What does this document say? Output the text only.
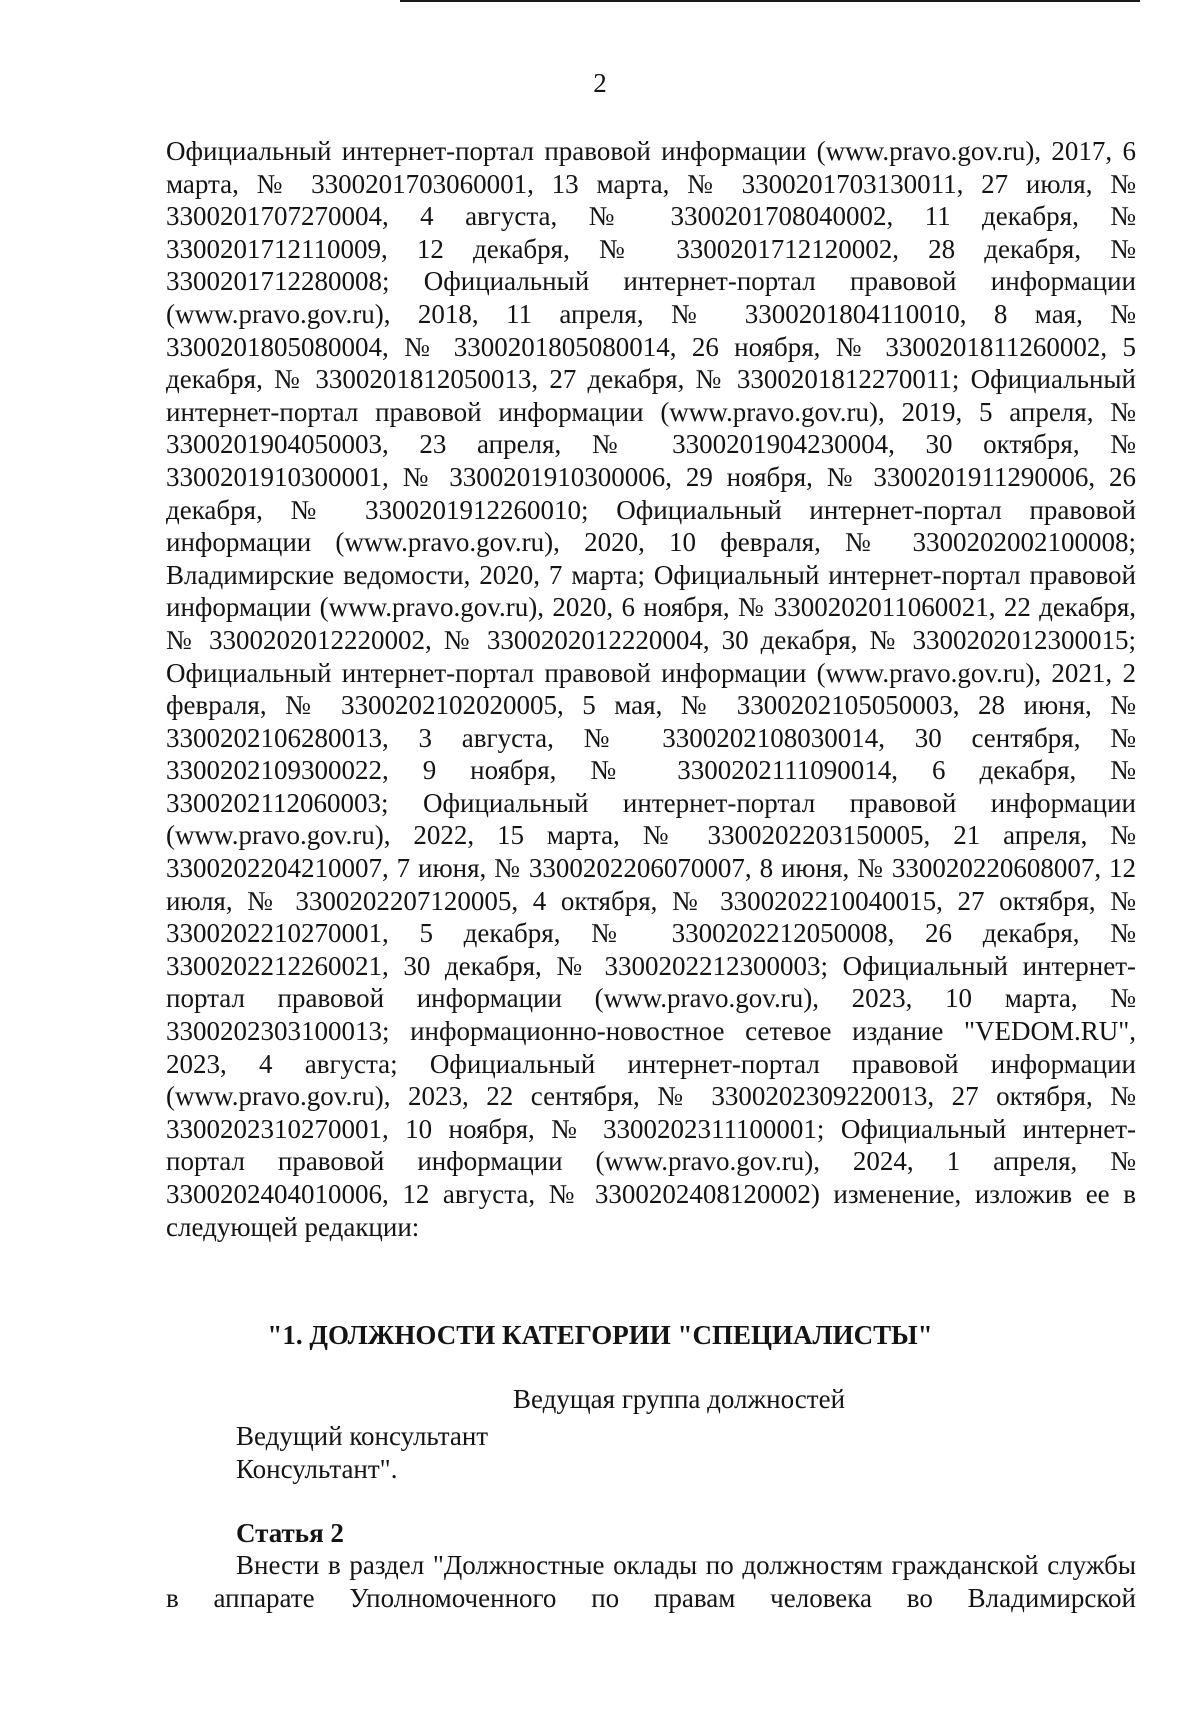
2

Официальный интернет-портал правовой информации (www.pravo.gov.ru), 2017, 6 марта, № 3300201703060001, 13 марта, № 3300201703130011, 27 июля, № 3300201707270004, 4 августа, № 3300201708040002, 11 декабря, № 3300201712110009, 12 декабря, № 3300201712120002, 28 декабря, № 3300201712280008; Официальный интернет-портал правовой информации (www.pravo.gov.ru), 2018, 11 апреля, № 3300201804110010, 8 мая, № 3300201805080004, № 3300201805080014, 26 ноября, № 3300201811260002, 5 декабря, № 3300201812050013, 27 декабря, № 3300201812270011; Официальный интернет-портал правовой информации (www.pravo.gov.ru), 2019, 5 апреля, № 3300201904050003, 23 апреля, № 3300201904230004, 30 октября, № 3300201910300001, № 3300201910300006, 29 ноября, № 3300201911290006, 26 декабря, № 3300201912260010; Официальный интернет-портал правовой информации (www.pravo.gov.ru), 2020, 10 февраля, № 3300202002100008; Владимирские ведомости, 2020, 7 марта; Официальный интернет-портал правовой информации (www.pravo.gov.ru), 2020, 6 ноября, № 3300202011060021, 22 декабря, № 3300202012220002, № 3300202012220004, 30 декабря, № 3300202012300015; Официальный интернет-портал правовой информации (www.pravo.gov.ru), 2021, 2 февраля, № 3300202102020005, 5 мая, № 3300202105050003, 28 июня, № 3300202106280013, 3 августа, № 3300202108030014, 30 сентября, № 3300202109300022, 9 ноября, № 3300202111090014, 6 декабря, № 3300202112060003; Официальный интернет-портал правовой информации (www.pravo.gov.ru), 2022, 15 марта, № 3300202203150005, 21 апреля, № 3300202204210007, 7 июня, № 3300202206070007, 8 июня, № 330020220608007, 12 июля, № 3300202207120005, 4 октября, № 3300202210040015, 27 октября, № 3300202210270001, 5 декабря, № 3300202212050008, 26 декабря, № 3300202212260021, 30 декабря, № 3300202212300003; Официальный интернет-портал правовой информации (www.pravo.gov.ru), 2023, 10 марта, № 3300202303100013; информационно-новостное сетевое издание "VEDOM.RU", 2023, 4 августа; Официальный интернет-портал правовой информации (www.pravo.gov.ru), 2023, 22 сентября, № 3300202309220013, 27 октября, № 3300202310270001, 10 ноября, № 3300202311100001; Официальный интернет-портал правовой информации (www.pravo.gov.ru), 2024, 1 апреля, № 3300202404010006, 12 августа, № 3300202408120002) изменение, изложив ее в следующей редакции:

"1. ДОЛЖНОСТИ КАТЕГОРИИ "СПЕЦИАЛИСТЫ"

Ведущая группа должностей

Ведущий консультант
Консультант".
Статья 2

Внести в раздел "Должностные оклады по должностям гражданской службы в аппарате Уполномоченного по правам человека во Владимирской
